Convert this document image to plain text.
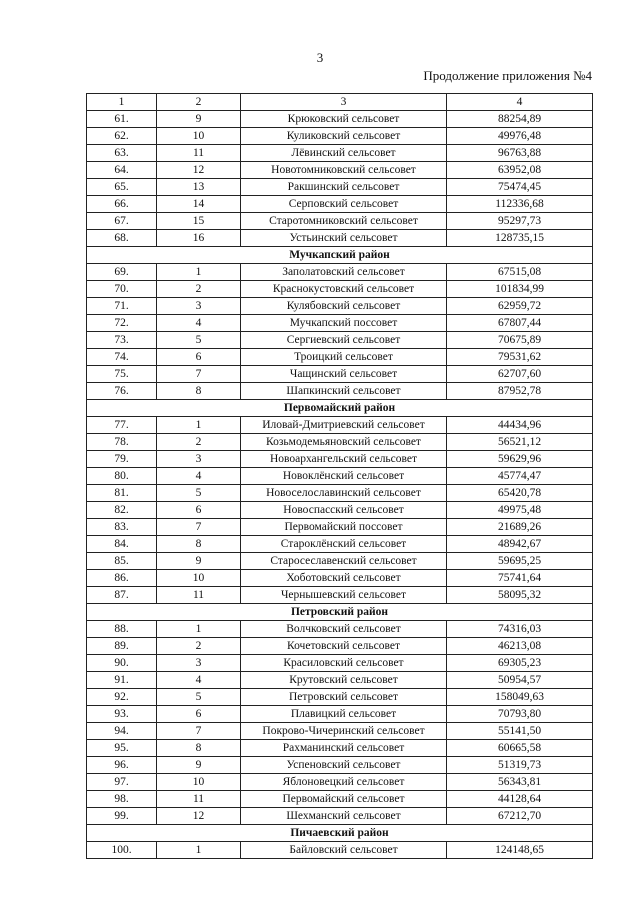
3
Продолжение приложения №4
1	2	3	4
61.	9	Крюковский сельсовет	88254,89
62.	10	Куликовский сельсовет	49976,48
63.	11	Лёвинский сельсовет	96763,88
64.	12	Новотомниковский сельсовет	63952,08
65.	13	Ракшинский сельсовет	75474,45
66.	14	Серповский сельсовет	112336,68
67.	15	Старотомниковский сельсовет	95297,73
68.	16	Устьинский сельсовет	128735,15
Мучкапский район			
69.	1	Заполатовский сельсовет	67515,08
70.	2	Краснокустовский сельсовет	101834,99
71.	3	Кулябовский сельсовет	62959,72
72.	4	Мучкапский поссовет	67807,44
73.	5	Сергиевский сельсовет	70675,89
74.	6	Троицкий сельсовет	79531,62
75.	7	Чащинский сельсовет	62707,60
76.	8	Шапкинский сельсовет	87952,78
Первомайский район			
77.	1	Иловай-Дмитриевский сельсовет	44434,96
78.	2	Козьмодемьяновский сельсовет	56521,12
79.	3	Новоархангельский сельсовет	59629,96
80.	4	Новоклёнский сельсовет	45774,47
81.	5	Новоселославинский сельсовет	65420,78
82.	6	Новоспасский сельсовет	49975,48
83.	7	Первомайский поссовет	21689,26
84.	8	Староклёнский сельсовет	48942,67
85.	9	Старосеславенский сельсовет	59695,25
86.	10	Хоботовский сельсовет	75741,64
87.	11	Чернышевский сельсовет	58095,32
Петровский район			
88.	1	Волчковский сельсовет	74316,03
89.	2	Кочетовский сельсовет	46213,08
90.	3	Красиловский сельсовет	69305,23
91.	4	Крутовский сельсовет	50954,57
92.	5	Петровский сельсовет	158049,63
93.	6	Плавицкий сельсовет	70793,80
94.	7	Покрово-Чичеринский сельсовет	55141,50
95.	8	Рахманинский сельсовет	60665,58
96.	9	Успеновский сельсовет	51319,73
97.	10	Яблоновецкий сельсовет	56343,81
98.	11	Первомайский сельсовет	44128,64
99.	12	Шехманский сельсовет	67212,70
Пичаевский район			
100.	1	Байловский сельсовет	124148,65
